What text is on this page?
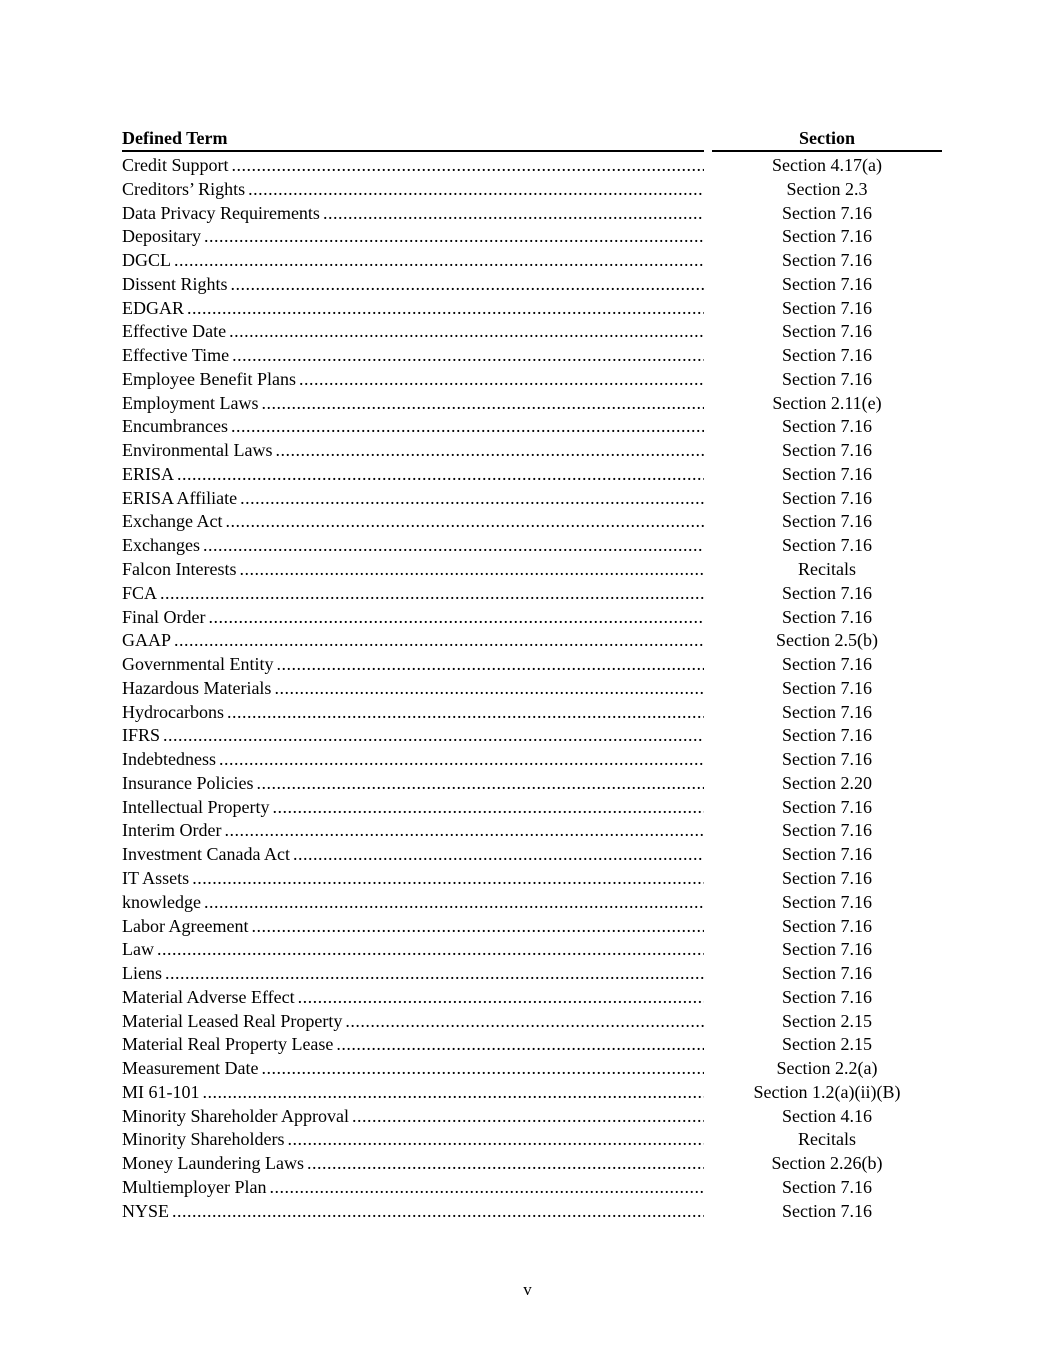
Defined Term	Section
Credit Support .....	Section 4.17(a)
Creditors’ Rights .....	Section 2.3
Data Privacy Requirements .....	Section 7.16
Depositary .....	Section 7.16
DGCL .....	Section 7.16
Dissent Rights .....	Section 7.16
EDGAR .....	Section 7.16
Effective Date .....	Section 7.16
Effective Time .....	Section 7.16
Employee Benefit Plans .....	Section 7.16
Employment Laws .....	Section 2.11(e)
Encumbrances .....	Section 7.16
Environmental Laws .....	Section 7.16
ERISA .....	Section 7.16
ERISA Affiliate .....	Section 7.16
Exchange Act .....	Section 7.16
Exchanges .....	Section 7.16
Falcon Interests .....	Recitals
FCA .....	Section 7.16
Final Order .....	Section 7.16
GAAP .....	Section 2.5(b)
Governmental Entity .....	Section 7.16
Hazardous Materials .....	Section 7.16
Hydrocarbons .....	Section 7.16
IFRS .....	Section 7.16
Indebtedness .....	Section 7.16
Insurance Policies .....	Section 2.20
Intellectual Property .....	Section 7.16
Interim Order .....	Section 7.16
Investment Canada Act .....	Section 7.16
IT Assets .....	Section 7.16
knowledge .....	Section 7.16
Labor Agreement .....	Section 7.16
Law .....	Section 7.16
Liens .....	Section 7.16
Material Adverse Effect .....	Section 7.16
Material Leased Real Property .....	Section 2.15
Material Real Property Lease .....	Section 2.15
Measurement Date .....	Section 2.2(a)
MI 61-101 .....	Section 1.2(a)(ii)(B)
Minority Shareholder Approval .....	Section 4.16
Minority Shareholders .....	Recitals
Money Laundering Laws .....	Section 2.26(b)
Multiemployer Plan .....	Section 7.16
NYSE .....	Section 7.16
v
